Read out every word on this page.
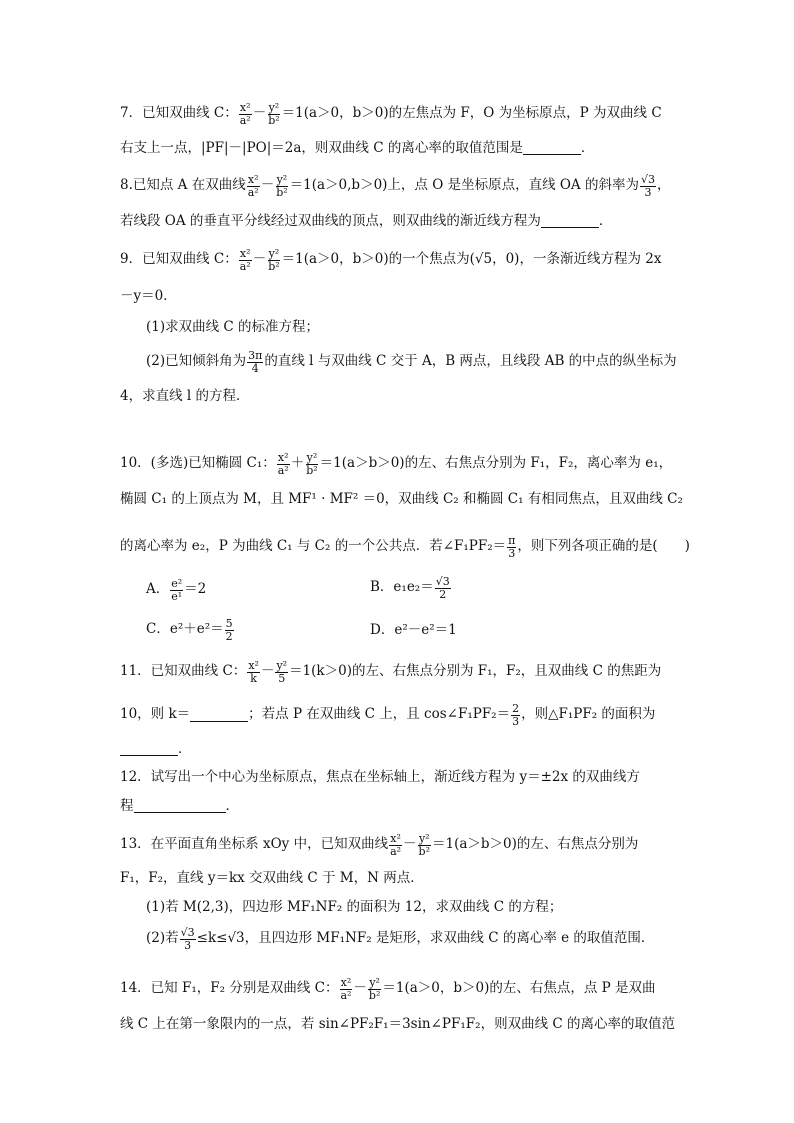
7．已知双曲线 C： $\frac{\text{x²}}{\text{a²}} - \frac{\text{y²}}{\text{b²}} =1(a>0$，b＞0)的左焦点为 F，O 为坐标原点，P 为双曲线 C
右支上一点，|PF|－|PO|＝2a，则双曲线 C 的离心率的取值范围是	．
8.已知点 A 在双曲线 $\frac{\text{x²}}{\text{a²}} - \frac{\text{y²}}{\text{b²}} =1(a>0,b>0)$上，点 O 是坐标原点，直线 OA 的斜率为 $\frac{√3}{3}$ ，
若线段 OA 的垂直平分线经过双曲线的顶点，则双曲线的渐近线方程为	．
9．已知双曲线 C： $\frac{\text{x²}}{\text{a²}} - \frac{\text{y²}}{\text{b²}} =1(a>0$，b＞0)的一个焦点为(√5，0)，一条渐近线方程为 2x
－y＝0．
(1)求双曲线 C 的标准方程；
(2)已知倾斜角为 $\frac{3\pi}{4}$ 的直线 l 与双曲线 C 交于 A，B 两点，且线段 AB 的中点的纵坐标为
4，求直线 l 的方程．
10．(多选)已知椭圆 C₁： $\frac{\text{x²}}{\text{a²}} + \frac{\text{y²}}{\text{b²}} =1(a>b>0)$的左、右焦点分别为 F₁，F₂，离心率为 e₁，
椭圆 C₁ 的上顶点为 M，且 MF¹ · MF² ＝0，双曲线 C₂ 和椭圆 C₁ 有相同焦点，且双曲线 C₂
的离心率为 e₂，P 为曲线 C₁ 与 C₂ 的一个公共点．若∠F₁PF₂＝ $\frac{\pi}{3}$ ，则下列各项正确的是(　　)
A． $\frac{\text{e²}}{\text{e¹}} =2$	B．$e_1e_2= \frac{√3}{2}$
C．$e^2+e^2= \frac{5}{2}$	D．e²－e²＝1
11．已知双曲线 C： $\frac{\text{x²}}{k} - \frac{\text{y²}}{5} =1(k>0)$的左、右焦点分别为 F₁，F₂，且双曲线 C 的焦距为
10，则 k＝	；若点 P 在双曲线 C 上，且 cos∠F₁PF₂＝ $\frac{2}{3}$ ，则△F₁PF₂ 的面积为
．
12．试写出一个中心为坐标原点，焦点在坐标轴上，渐近线方程为 y＝±2x 的双曲线方
程	．
13．在平面直角坐标系 xOy 中，已知双曲线 $\frac{\text{x²}}{\text{a²}} - \frac{\text{y²}}{\text{b²}} =1(a>b>0)$的左、右焦点分别为
F₁，F₂，直线 y＝kx 交双曲线 C 于 M，N 两点．
(1)若 M(2,3)，四边形 MF₁NF₂ 的面积为 12，求双曲线 C 的方程；
(2)若 $\frac{√3}{3} \le k\le√3$，且四边形 MF₁NF₂ 是矩形，求双曲线 C 的离心率 e 的取值范围．
14．已知 F₁，F₂ 分别是双曲线 C： $\frac{\text{x²}}{\text{a²}} - \frac{\text{y²}}{\text{b²}} =1(a>0$，b＞0)的左、右焦点，点 P 是双曲
线 C 上在第一象限内的一点，若 sin∠PF₂F₁＝3sin∠PF₁F₂，则双曲线 C 的离心率的取值范
